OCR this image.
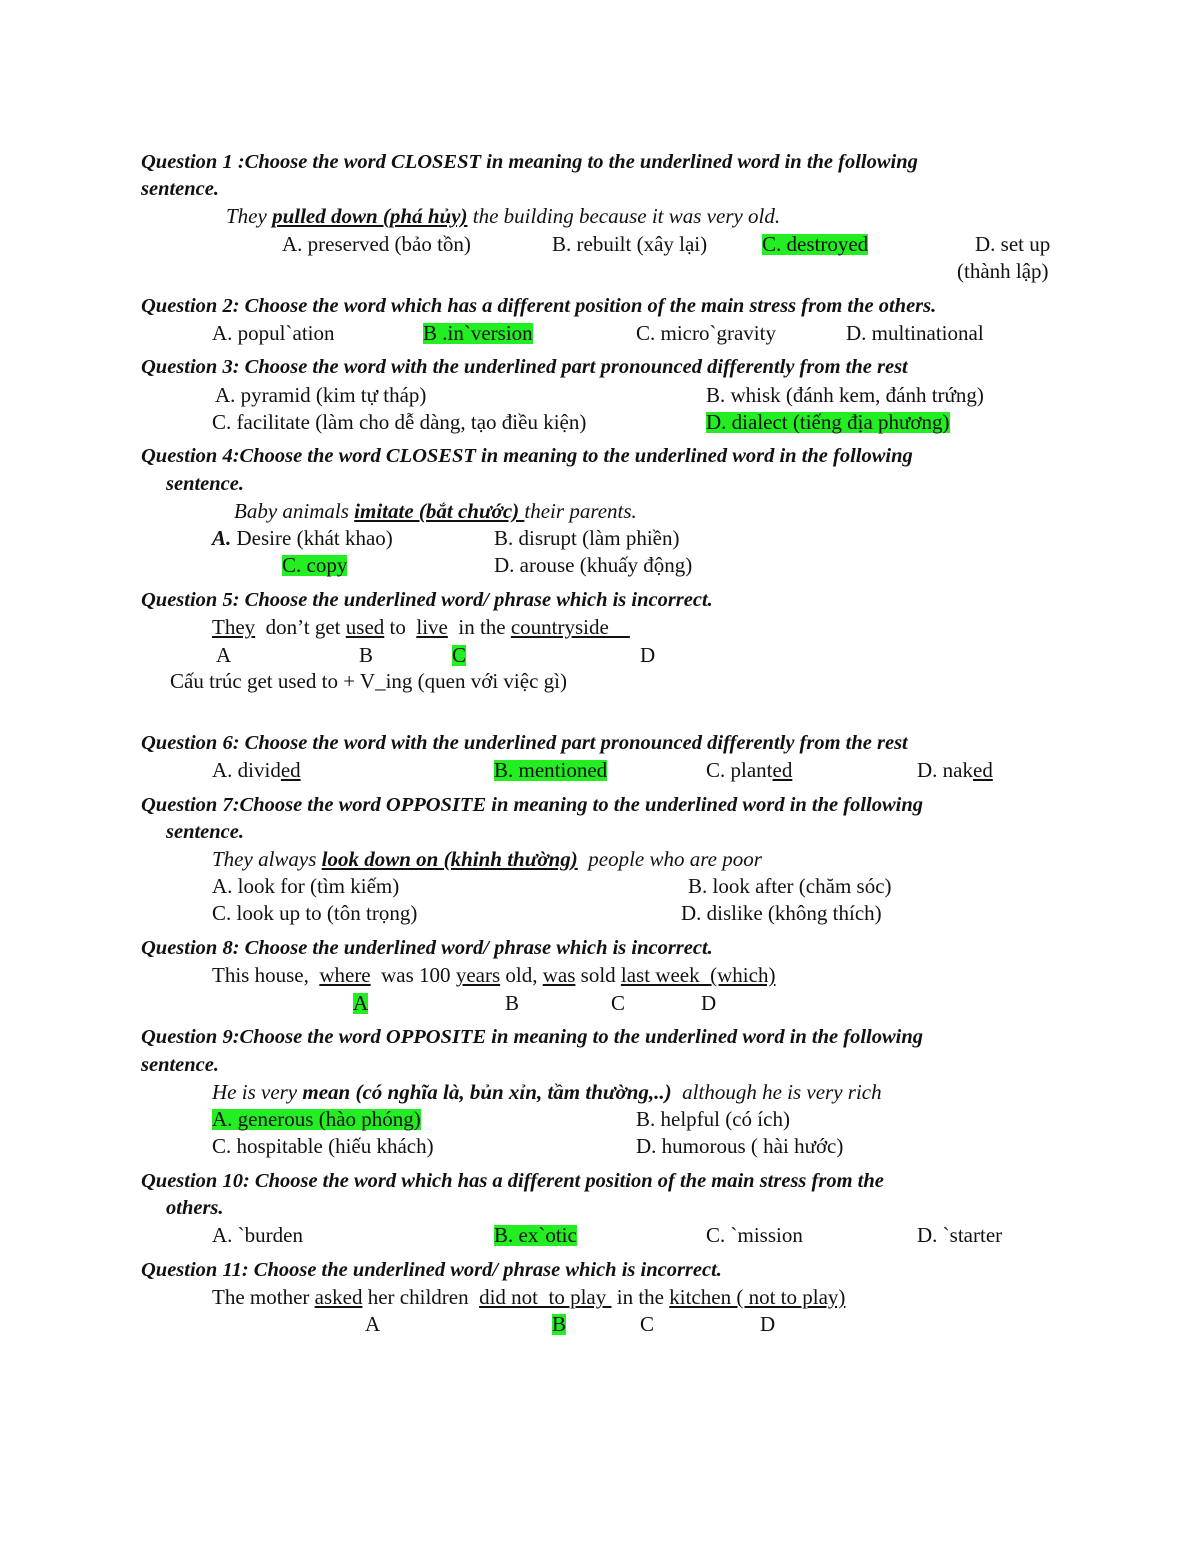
Question 1 :Choose the word CLOSEST in meaning to the underlined word in the following
sentence.
They pulled down (phá hủy) the building because it was very old.
A. preserved (bảo tồn)	B. rebuilt (xây lại)	C. destroyed	D. set up
(thành lập)
Question 2: Choose the word which has a different position of the main stress from the others.
A. popul`ation	B .in`version	C. micro`gravity	D. multinational
Question 3: Choose the word with the underlined part pronounced differently from the rest
A. pyramid (kim tự tháp)	B. whisk (đánh kem, đánh trứng)
C. facilitate (làm cho dễ dàng, tạo điều kiện)	D. dialect (tiếng địa phương)
Question 4:Choose the word CLOSEST in meaning to the underlined word in the following
sentence.
Baby animals imitate (bắt chước) their parents.
A. Desire (khát khao)	B. disrupt (làm phiền)
C. copy	D. arouse (khuấy động)
Question 5: Choose the underlined word/ phrase which is incorrect.
They  don’t get used to  live  in the countryside
A	B	C	D
Cấu trúc get used to + V_ing (quen với việc gì)
Question 6: Choose the word with the underlined part pronounced differently from the rest
A. divided	B. mentioned	C. planted	D. naked
Question 7:Choose the word OPPOSITE in meaning to the underlined word in the following
sentence.
They always look down on (khinh thường)  people who are poor
A. look for (tìm kiếm)	B. look after (chăm sóc)
C. look up to (tôn trọng)	D. dislike (không thích)
Question 8: Choose the underlined word/ phrase which is incorrect.
This house,  where  was 100 years old, was sold last week  (which)
A	B	C	D
Question 9:Choose the word OPPOSITE in meaning to the underlined word in the following
sentence.
He is very mean (có nghĩa là, bủn xỉn, tầm thường,..)  although he is very rich
A. generous (hào phóng)	B. helpful (có ích)
C. hospitable (hiếu khách)	D. humorous ( hài hước)
Question 10: Choose the word which has a different position of the main stress from the
others.
A. `burden	B. ex`otic	C. `mission	D. `starter
Question 11: Choose the underlined word/ phrase which is incorrect.
The mother asked her children  did not  to play  in the kitchen ( not to play)
A	B	C	D
